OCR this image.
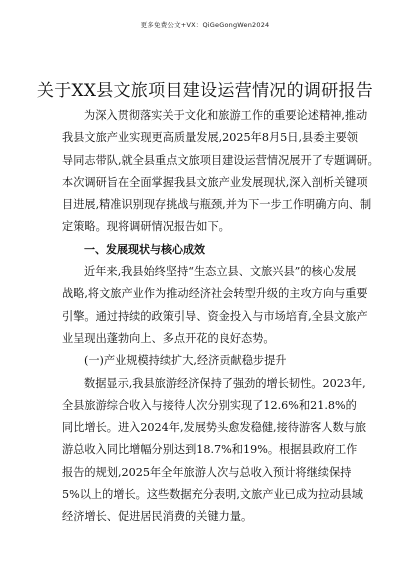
更多免费公文+VX：QiGeGongWen2024
关于XX县文旅项目建设运营情况的调研报告
为深入贯彻落实关于文化和旅游工作的重要论述精神,推动
我县文旅产业实现更高质量发展,2025年8月5日,县委主要领
导同志带队,就全县重点文旅项目建设运营情况展开了专题调研。
本次调研旨在全面掌握我县文旅产业发展现状,深入剖析关键项
目进展,精准识别现存挑战与瓶颈,并为下一步工作明确方向、制
定策略。现将调研情况报告如下。
一、发展现状与核心成效
近年来,我县始终坚持“生态立县、文旅兴县”的核心发展
战略,将文旅产业作为推动经济社会转型升级的主攻方向与重要
引擎。通过持续的政策引导、资金投入与市场培育,全县文旅产
业呈现出蓬勃向上、多点开花的良好态势。
(一)产业规模持续扩大,经济贡献稳步提升
数据显示,我县旅游经济保持了强劲的增长韧性。2023年,
全县旅游综合收入与接待人次分别实现了12.6%和21.8%的
同比增长。进入2024年,发展势头愈发稳健,接待游客人数与旅
游总收入同比增幅分别达到18.7%和19%。根据县政府工作
报告的规划,2025年全年旅游人次与总收入预计将继续保持
5%以上的增长。这些数据充分表明,文旅产业已成为拉动县域
经济增长、促进居民消费的关键力量。
